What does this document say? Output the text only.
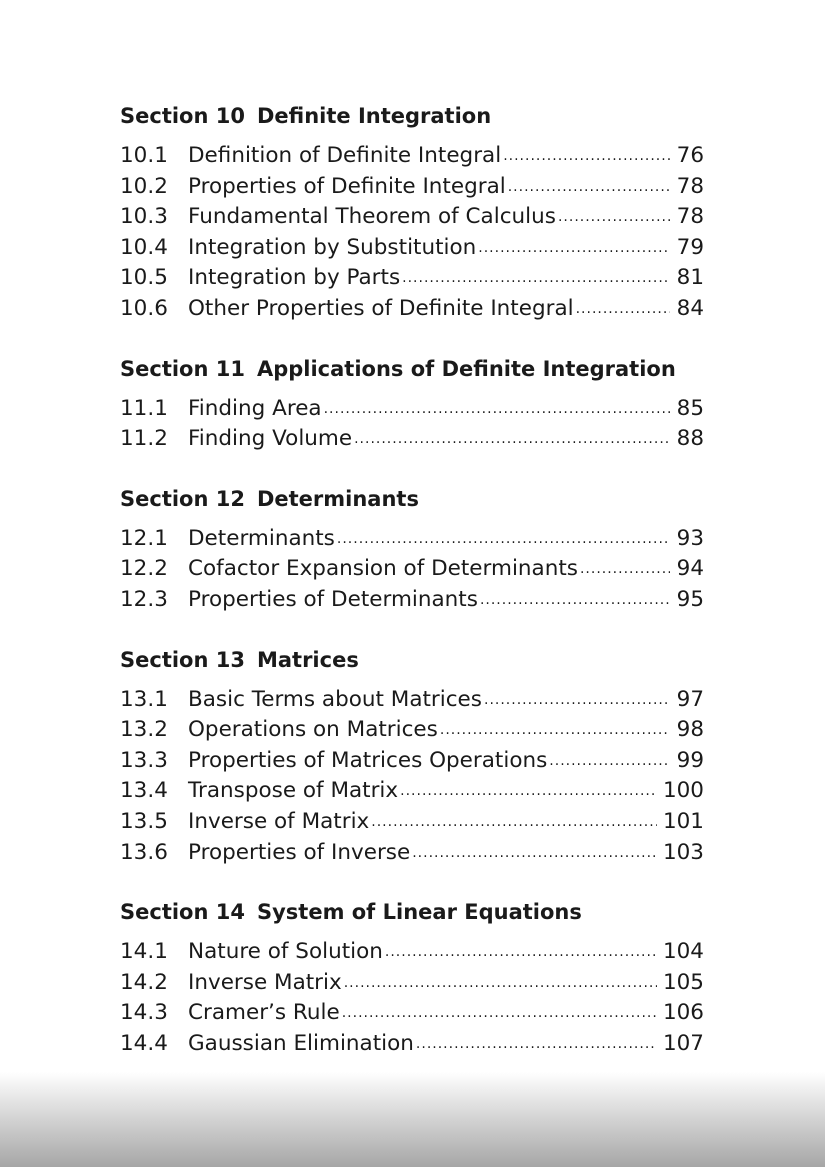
Section 10 Definite Integration
10.1 Definition of Definite Integral .....	76
10.2 Properties of Definite Integral .....	78
10.3 Fundamental Theorem of Calculus .....	78
10.4 Integration by Substitution .....	79
10.5 Integration by Parts .....	81
10.6 Other Properties of Definite Integral .....	84
Section 11 Applications of Definite Integration
11.1 Finding Area .....	85
11.2 Finding Volume .....	88
Section 12 Determinants
12.1 Determinants .....	93
12.2 Cofactor Expansion of Determinants .....	94
12.3 Properties of Determinants .....	95
Section 13 Matrices
13.1 Basic Terms about Matrices .....	97
13.2 Operations on Matrices .....	98
13.3 Properties of Matrices Operations .....	99
13.4 Transpose of Matrix .....	100
13.5 Inverse of Matrix .....	101
13.6 Properties of Inverse .....	103
Section 14 System of Linear Equations
14.1 Nature of Solution .....	104
14.2 Inverse Matrix .....	105
14.3 Cramer’s Rule .....	106
14.4 Gaussian Elimination .....	107
